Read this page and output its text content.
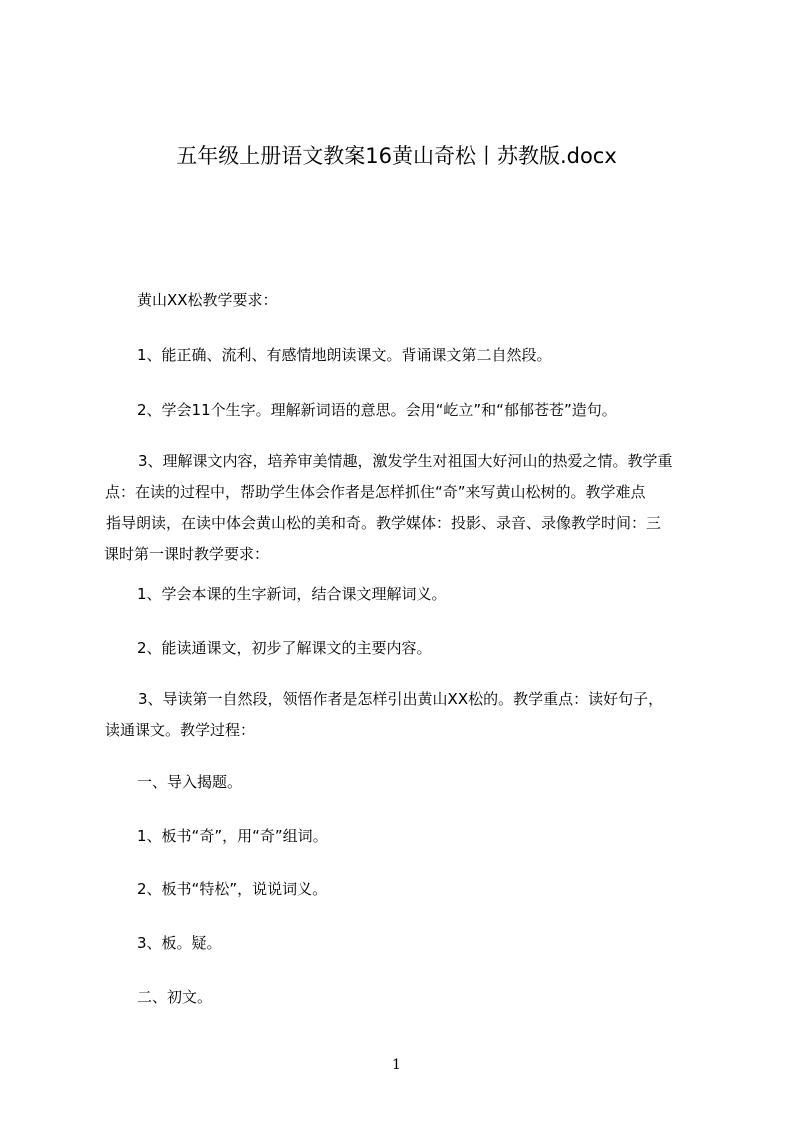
五年级上册语文教案16黄山奇松丨苏教版.docx
黄山XX松教学要求：
1、能正确、流利、有感情地朗读课文。背诵课文第二自然段。
2、学会11个生字。理解新词语的意思。会用“屹立”和“郁郁苍苍”造句。
3、理解课文内容，培养审美情趣，激发学生对祖国大好河山的热爱之情。教学重
点：在读的过程中，帮助学生体会作者是怎样抓住“奇”来写黄山松树的。教学难点
指导朗读，在读中体会黄山松的美和奇。教学媒体：投影、录音、录像教学时间：三
课时第一课时教学要求：
1、学会本课的生字新词，结合课文理解词义。
2、能读通课文，初步了解课文的主要内容。
3、导读第一自然段，领悟作者是怎样引出黄山XX松的。教学重点：读好句子，
读通课文。教学过程：
一、导入揭题。
1、板书“奇”，用“奇”组词。
2、板书“特松”，说说词义。
3、板。疑。
二、初文。
1
